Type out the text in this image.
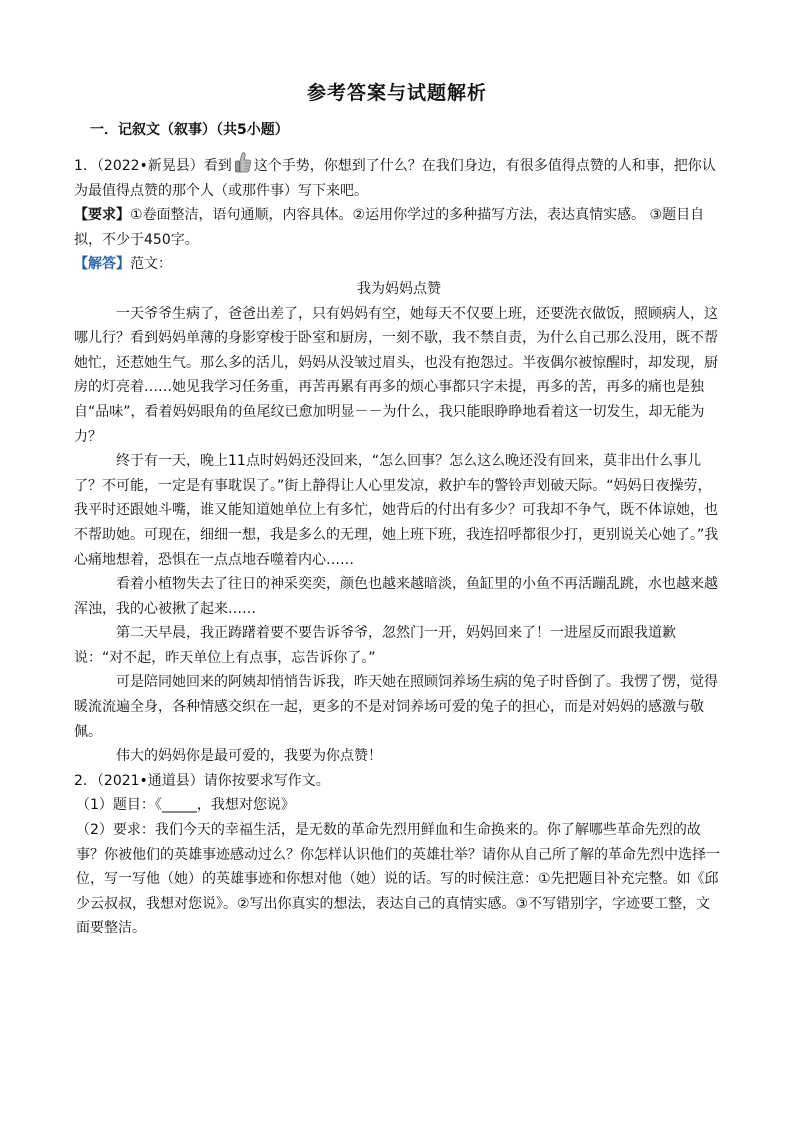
参考答案与试题解析
一．记叙文（叙事）（共5小题）

1．（2022•新晃县）看到 这个手势，你想到了什么？在我们身边，有很多值得点赞的人和事，把你认为最值得点赞的那个人（或那件事）写下来吧。

【要求】①卷面整洁，语句通顺，内容具体。②运用你学过的多种描写方法，表达真情实感。 ③题目自拟，不少于450字。

【解答】范文：

我为妈妈点赞

一天爷爷生病了，爸爸出差了，只有妈妈有空，她每天不仅要上班，还要洗衣做饭，照顾病人，这哪儿行？看到妈妈单薄的身影穿梭于卧室和厨房，一刻不歇，我不禁自责，为什么自己那么没用，既不帮她忙，还惹她生气。那么多的活儿，妈妈从没皱过眉头，也没有抱怨过。半夜偶尔被惊醒时，却发现，厨房的灯亮着……她见我学习任务重，再苦再累有再多的烦心事都只字未提，再多的苦，再多的痛也是独自“品味”，看着妈妈眼角的鱼尾纹已愈加明显－－为什么，我只能眼睁睁地看着这一切发生，却无能为力？

终于有一天，晚上11点时妈妈还没回来，“怎么回事？怎么这么晚还没有回来，莫非出什么事儿了？不可能，一定是有事耽误了。”街上静得让人心里发凉，救护车的警铃声划破天际。“妈妈日夜操劳，我平时还跟她斗嘴，谁又能知道她单位上有多忙，她背后的付出有多少？可我却不争气，既不体谅她，也不帮助她。可现在，细细一想，我是多么的无理，她上班下班，我连招呼都很少打，更别说关心她了。”我心痛地想着，恐惧在一点点地吞噬着内心……

看着小植物失去了往日的神采奕奕，颜色也越来越暗淡，鱼缸里的小鱼不再活蹦乱跳，水也越来越浑浊，我的心被揪了起来……

第二天早晨，我正踌躇着要不要告诉爷爷，忽然门一开，妈妈回来了！一进屋反而跟我道歉说：“对不起，昨天单位上有点事，忘告诉你了。”

可是陪同她回来的阿姨却悄悄告诉我，昨天她在照顾饲养场生病的兔子时昏倒了。我愣了愣，觉得暖流流遍全身，各种情感交织在一起，更多的不是对饲养场可爱的兔子的担心，而是对妈妈的感激与敬佩。

伟大的妈妈你是最可爱的，我要为你点赞！

2．（2021•通道县）请你按要求写作文。

（1）题目：《_____，我想对您说》

（2）要求：我们今天的幸福生活，是无数的革命先烈用鲜血和生命换来的。你了解哪些革命先烈的故事？你被他们的英雄事迹感动过么？你怎样认识他们的英雄壮举？请你从自己所了解的革命先烈中选择一位，写一写他（她）的英雄事迹和你想对他（她）说的话。写的时候注意：①先把题目补充完整。如《邱少云叔叔，我想对您说》。②写出你真实的想法，表达自己的真情实感。③不写错别字，字迹要工整，文面要整洁。
